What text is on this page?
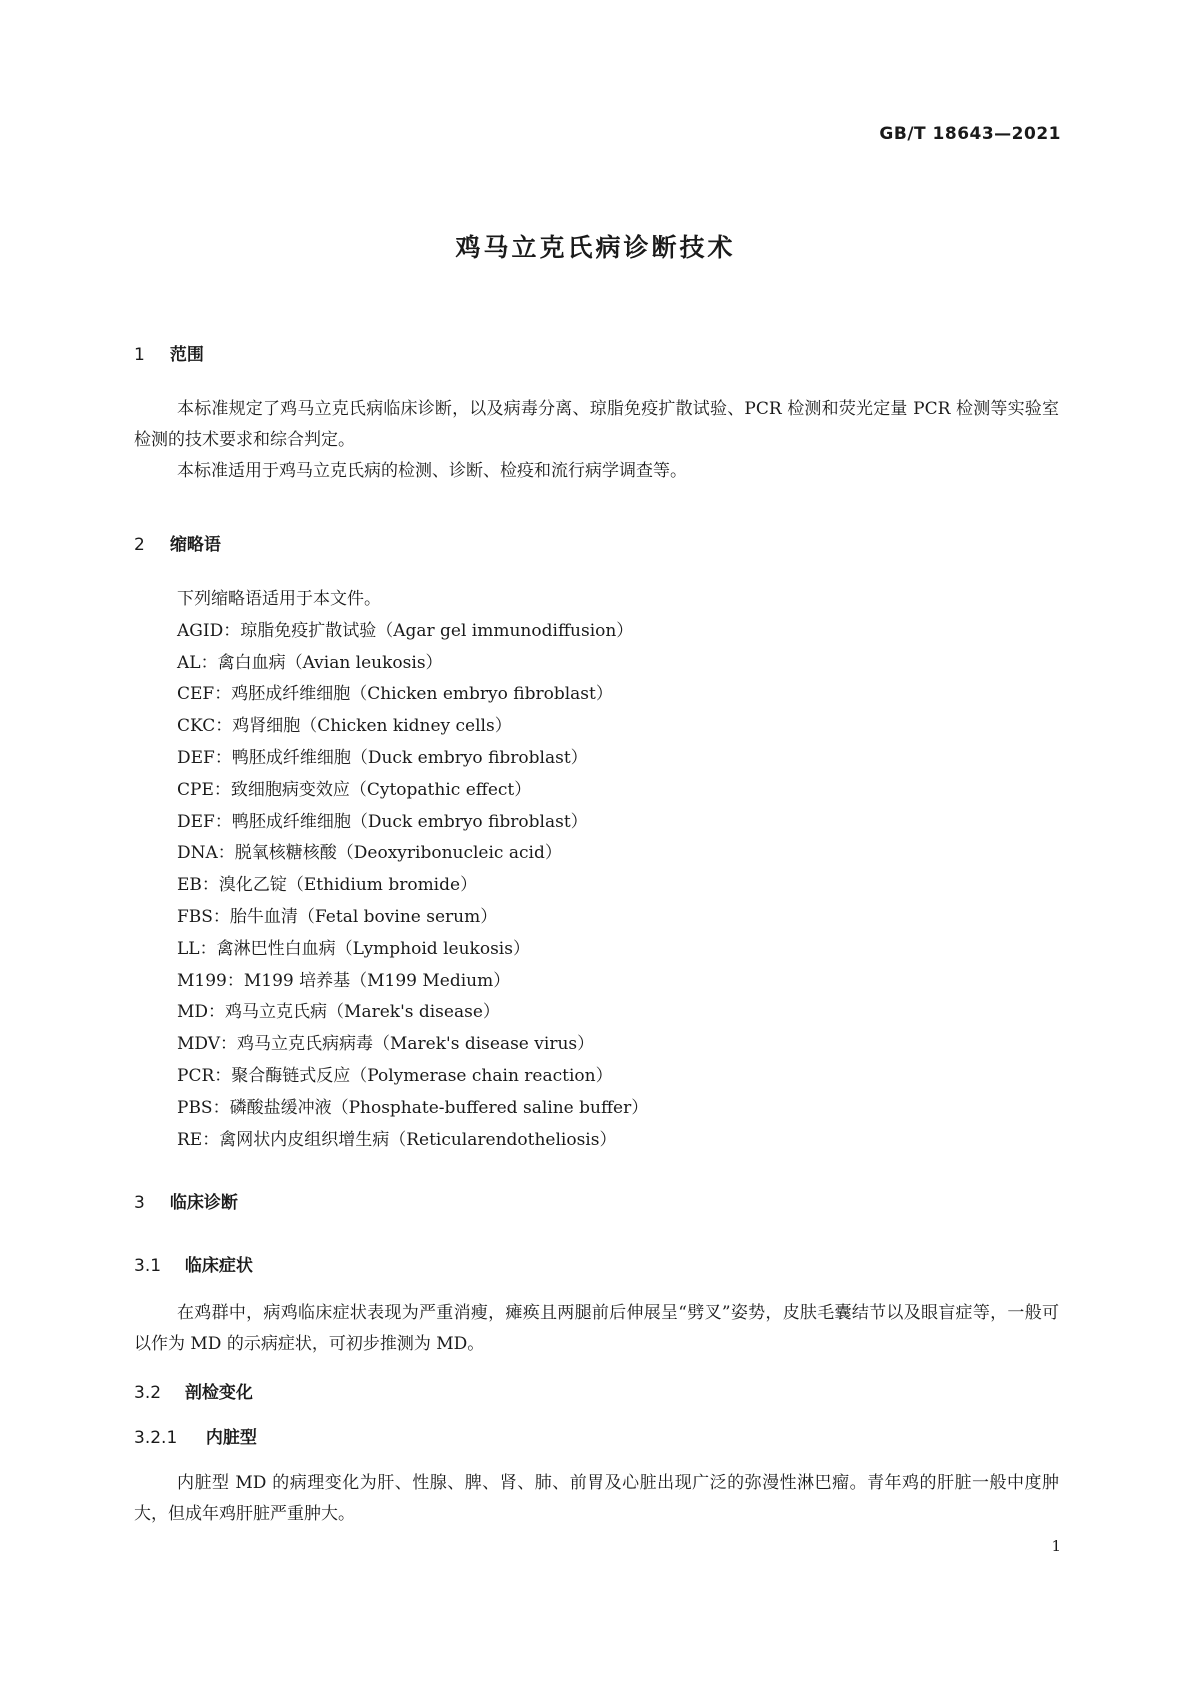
GB/T 18643—2021
鸡马立克氏病诊断技术
1 范围

本标准规定了鸡马立克氏病临床诊断，以及病毒分离、琼脂免疫扩散试验、PCR 检测和荧光定量 PCR 检测等实验室检测的技术要求和综合判定。

本标准适用于鸡马立克氏病的检测、诊断、检疫和流行病学调查等。

2 缩略语
下列缩略语适用于本文件。
AGID：琼脂免疫扩散试验（Agar gel immunodiffusion）
AL：禽白血病（Avian leukosis）
CEF：鸡胚成纤维细胞（Chicken embryo fibroblast）
CKC：鸡肾细胞（Chicken kidney cells）
DEF：鸭胚成纤维细胞（Duck embryo fibroblast）
CPE：致细胞病变效应（Cytopathic effect）
DEF：鸭胚成纤维细胞（Duck embryo fibroblast）
DNA：脱氧核糖核酸（Deoxyribonucleic acid）
EB：溴化乙锭（Ethidium bromide）
FBS：胎牛血清（Fetal bovine serum）
LL：禽淋巴性白血病（Lymphoid leukosis）
M199：M199 培养基（M199 Medium）
MD：鸡马立克氏病（Marek's disease）
MDV：鸡马立克氏病病毒（Marek's disease virus）
PCR：聚合酶链式反应（Polymerase chain reaction）
PBS：磷酸盐缓冲液（Phosphate-buffered saline buffer）
RE：禽网状内皮组织增生病（Reticularendotheliosis）
3 临床诊断
3.1 临床症状

在鸡群中，病鸡临床症状表现为严重消瘦，瘫痪且两腿前后伸展呈“劈叉”姿势，皮肤毛囊结节以及眼盲症等，一般可以作为 MD 的示病症状，可初步推测为 MD。

3.2 剖检变化
3.2.1 内脏型

内脏型 MD 的病理变化为肝、性腺、脾、肾、肺、前胃及心脏出现广泛的弥漫性淋巴瘤。青年鸡的肝脏一般中度肿大，但成年鸡肝脏严重肿大。

1
